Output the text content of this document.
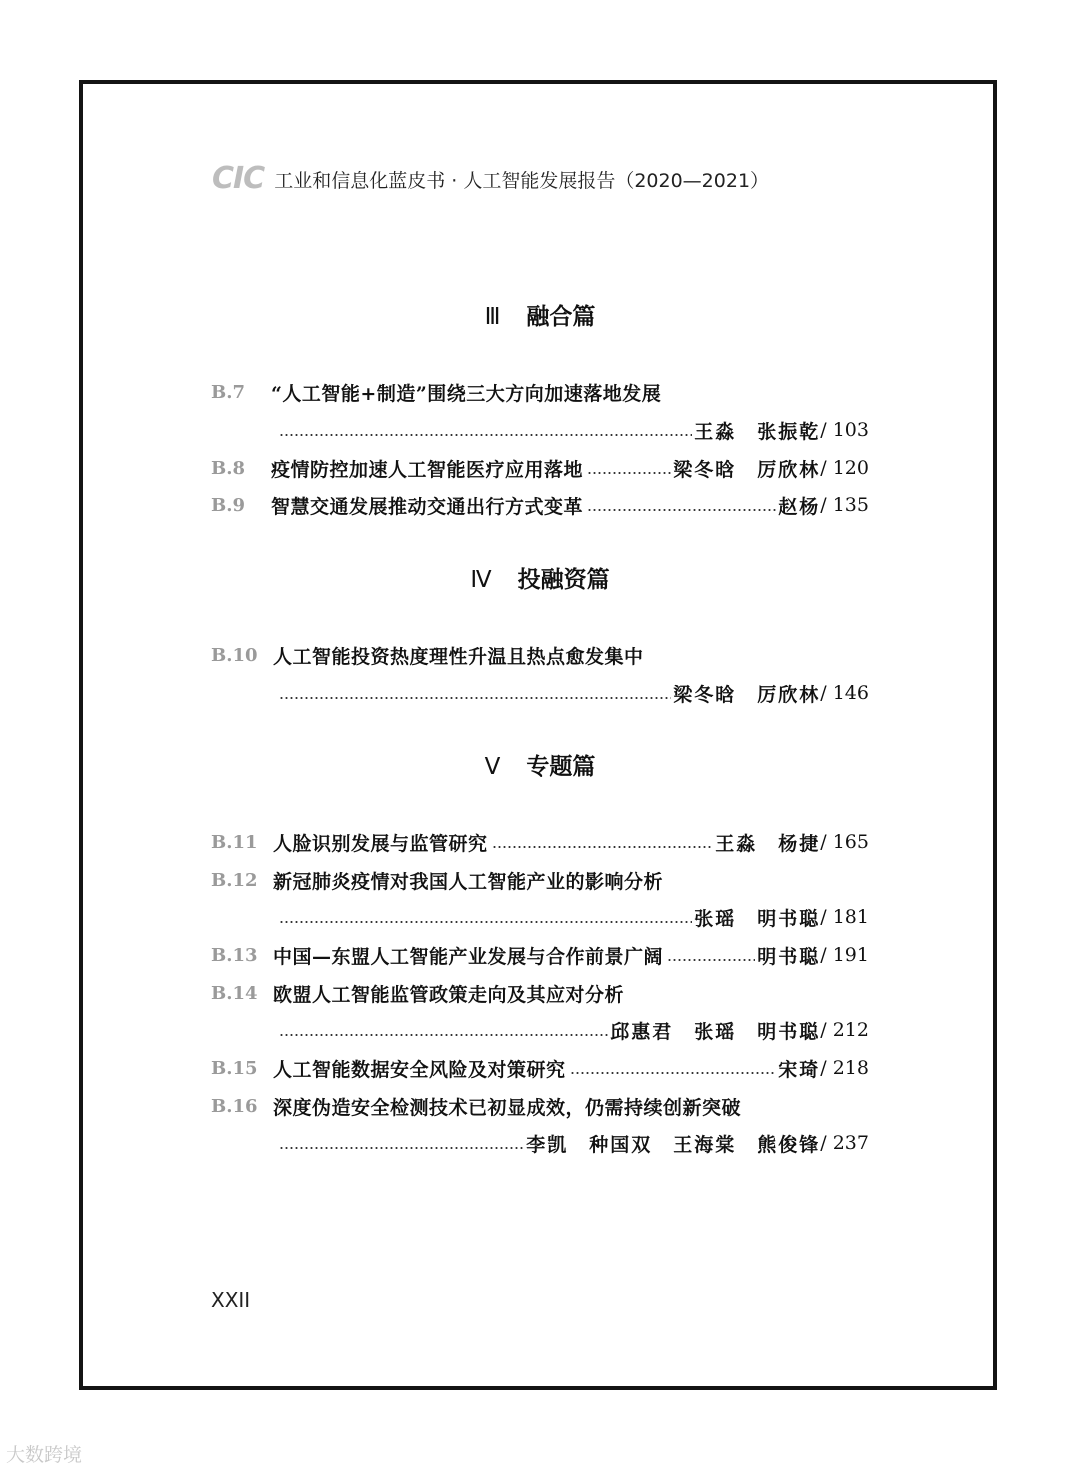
CIC 工业和信息化蓝皮书 · 人工智能发展报告（2020—2021）
Ⅲ 融合篇
B.7	“人工智能+制造”围绕三大方向加速落地发展
王淼　张振乾 / 103
B.8	疫情防控加速人工智能医疗应用落地	梁冬晗　厉欣林 / 120
B.9	智慧交通发展推动交通出行方式变革	赵杨 / 135
Ⅳ 投融资篇
B.10 人工智能投资热度理性升温且热点愈发集中
梁冬晗　厉欣林 / 146
Ⅴ 专题篇
B.11 人脸识别发展与监管研究	王淼　杨捷 / 165
B.12 新冠肺炎疫情对我国人工智能产业的影响分析
张瑶　明书聪 / 181
B.13 中国—东盟人工智能产业发展与合作前景广阔	明书聪 / 191
B.14 欧盟人工智能监管政策走向及其应对分析
邱惠君　张瑶　明书聪 / 212
B.15 人工智能数据安全风险及对策研究	宋琦 / 218
B.16 深度伪造安全检测技术已初显成效，仍需持续创新突破
李凯　种国双　王海棠　熊俊锋 / 237
XXII
大数跨境
